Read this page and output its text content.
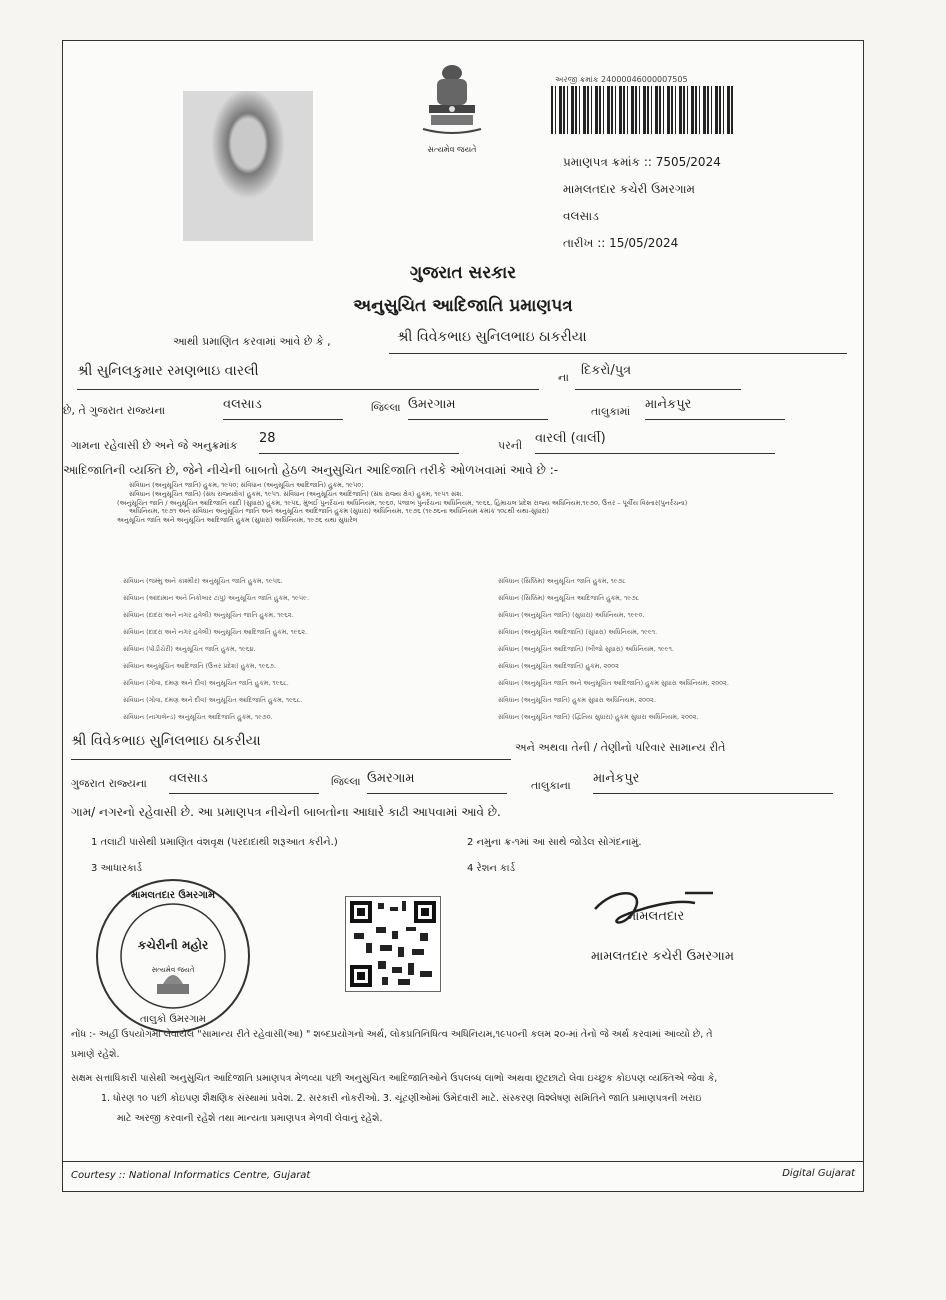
સત્યમેવ જયતે
અરજી ક્રમાંક 24000046000007505
પ્રમાણપત્ર ક્રમાંક :: 7505/2024
મામલતદાર કચેરી ઉમરગામ
વલસાડ
તારીખ :: 15/05/2024
ગુજરાત સરકાર
અનુસુચિત આદિજાતિ પ્રમાણપત્ર
આથી પ્રમાણિત કરવામાં આવે છે કે ,	શ્રી વિવેકભાઇ સુનિલભાઇ ઠાકરીયા
શ્રી સુનિલકુમાર રમણભાઇ વારલી	ના દિકરો/પુત્ર
છે, તે ગુજરાત રાજ્યના	વલસાડ	જિલ્લા ઉમરગામ	તાલુકામાં માનેકપુર
ગામના રહેવાસી છે અને જે અનુક્રમાંક 28	પરની વારલી (વાર્લી)
આદિજાતિની વ્યક્તિ છે, જેને નીચેની બાબતો હેઠળ અનુસુચિત આદિજાતિ તરીકે ઓળખવામાં આવે છે :-
સંવિધાન (અનુસૂચિત જાતિ) હુકમ, ૧૯૫૦; સંવિધાન (અનુસૂચિત આદિજાતિ) હુકમ, ૧૯૫૦;
સંવિધાન (અનુસૂચિત જાતિ) (સંઘ રાજ્યક્ષેત્ર) હુકમ, ૧૯૫૧. સંવિધાન (અનુસૂચિત આદિજાતિ) (સંઘ રાજ્ય ક્ષેત્ર) હુકમ, ૧૯૫૧ સંશ.
(અનુસૂચિત જાતિ / અનુસૂચિત આદિજાતિ યાદી (સુધારા) હુકમ, ૧૯૫૬, મુંબઈ પુનર્રચના અધિનિયમ, ૧૯૬૦, પંજાબ પુનર્રચના અધિનિયમ, ૧૯૬૬, હિમાચલ પ્રદેશ રાજ્ય અધિનિયમ,૧૯૭૦, ઉત્તર – પૂર્વીય વિસ્તાર(પુનર્રચના)
અધિનિયમ, ૧૯૭૧ અને સંવિધાન અનુસૂચિત જાતિ અને અનુસૂચિત આદિજાતિ હુકમ (સુધારા) અધિનિયમ, ૧૯૭૬ (૧૯૭૬ના અધિનિયમ ક્રમાંક ૧૦૮થી યથા-સુધારા)
અનુસૂચિત જાતિ અને અનુસૂચિત આદિજાતિ હુકમ (સુધારા) અધિનિયમ, ૧૯૭૬ યથા સુધારેલ
સંવિધાન (જમ્મુ અને કાશ્મીર) અનુસૂચિત જાતિ હુકમ, ૧૯૫૬.
સંવિધાન (આંદામાન અને નિકોબાર ટાપુ) અનુસૂચિત જાતિ હુકમ, ૧૯૫૯.
સંવિધાન (દાદરા અને નગર હવેલી) અનુસૂચિત જાતિ હુકમ, ૧૯૬૨.
સંવિધાન (દાદરા અને નગર હવેલી) અનુસૂચિત આદિજાતિ હુકમ, ૧૯૬૨.
સંવિધાન (પોંડીચેરી) અનુસૂચિત જાતિ હુકમ, ૧૯૬૪.
સંવિધાન અનુસૂચિત આદિજાતિ (ઉત્તર પ્રદેશ) હુકમ, ૧૯૬૭.
સંવિધાન (ગોવા, દમણ અને દીવ) અનુસૂચિત જાતિ હુકમ, ૧૯૬૮.
સંવિધાન (ગોવા, દમણ અને દીવ) અનુસૂચિત આદિજાતિ હુકમ, ૧૯૬૮.
સંવિધાન (નાગાલેન્ડ) અનુસૂચિત આદિજાતિ હુકમ, ૧૯૭૦.
સંવિધાન (સિક્કિમ) અનુસૂચિત જાતિ હુકમ, ૧૯૭૮
સંવિધાન (સિક્કિમ) અનુસૂચિત આદિજાતિ હુકમ, ૧૯૭૮
સંવિધાન (અનુસૂચિત જાતિ) (સુધારા) અધિનિયમ, ૧૯૯૦.
સંવિધાન (અનુસૂચિત આદિજાતિ) (સુધારા) અધિનિયમ, ૧૯૯૧.
સંવિધાન (અનુસૂચિત આદિજાતિ) (બીજો સુધારા) અધિનિયમ, ૧૯૯૧.
સંવિધાન (અનુસૂચિત આદિજાતિ) હુકમ, ૨૦૦૨
સંવિધાન (અનુસૂચિત જાતિ અને અનુસૂચિત આદિજાતિ) હુકમ સુધારા અધિનિયમ, ૨૦૦૨.
સંવિધાન (અનુસૂચિત જાતિ) હુકમ સુધારા અધિનિયમ, ૨૦૦૨.
સંવિધાન (અનુસૂચિત જાતિ) (દ્વિતિય સુધારા) હુકમ સુધારા અધિનિયમ, ૨૦૦૨.
શ્રી વિવેકભાઇ સુનિલભાઇ ઠાકરીયા	અને અથવા તેની / તેણીનો પરિવાર સામાન્ય રીતે
ગુજરાત રાજ્યના વલસાડ	જિલ્લા ઉમરગામ	તાલુકાના માનેકપુર
ગામ/ નગરનો રહેવાસી છે. આ પ્રમાણપત્ર નીચેની બાબતોના આધારે કાઢી આપવામાં આવે છે.
1 તલાટી પાસેથી પ્રમાણિત વંશવૃક્ષ (પરદાદાથી શરૂઆત કરીને.)	2 નમુના ક્ર-૧માં આ સાથે જોડેલ સોગંદનામું.
3 આધારકાર્ડ	4 રેશન કાર્ડ
મામલતદાર ઉમરગામ
કચેરીની મહોર
સત્યમેવ જયતે
તાલુકો ઉમરગામ
મામલતદાર
મામલતદાર કચેરી ઉમરગામ
નોંધ :- અહીં ઉપયોગમાં લેવાયેલ "સામાન્ય રીતે રહેવાસી(આ) " શબ્દપ્રયોગનો અર્થ, લોકપ્રતિનિધિત્વ અધિનિયમ,૧૯૫૦ની કલમ ૨૦-માં તેનો જે અર્થ કરવામાં આવ્યો છે, તે
પ્રમાણે રહેશે.
સક્ષમ સત્તાધિકારી પાસેથી અનુસુચિત આદિજાતિ પ્રમાણપત્ર મેળવ્યા પછી અનુસુચિત આદિજાતિઓને ઉપલબ્ધ લાભો અથવા છૂટછાટો લેવા ઇચ્છુક કોઇપણ વ્યક્તિએ જેવા કે,
1. ધોરણ ૧૦ પછી કોઇપણ શૈક્ષણિક સંસ્થામાં પ્રવેશ. 2. સરકારી નોકરીઓ. 3. ચૂંટણીઓમાં ઉમેદવારી માટે. સંસ્કરણ વિશ્લેષણ સમિતિને જાતિ પ્રમાણપત્રની ખરાઇ
માટે અરજી કરવાની રહેશે તથા માન્યતા પ્રમાણપત્ર મેળવી લેવાનું રહેશે.
Courtesy :: National Informatics Centre, Gujarat	Digital Gujarat
